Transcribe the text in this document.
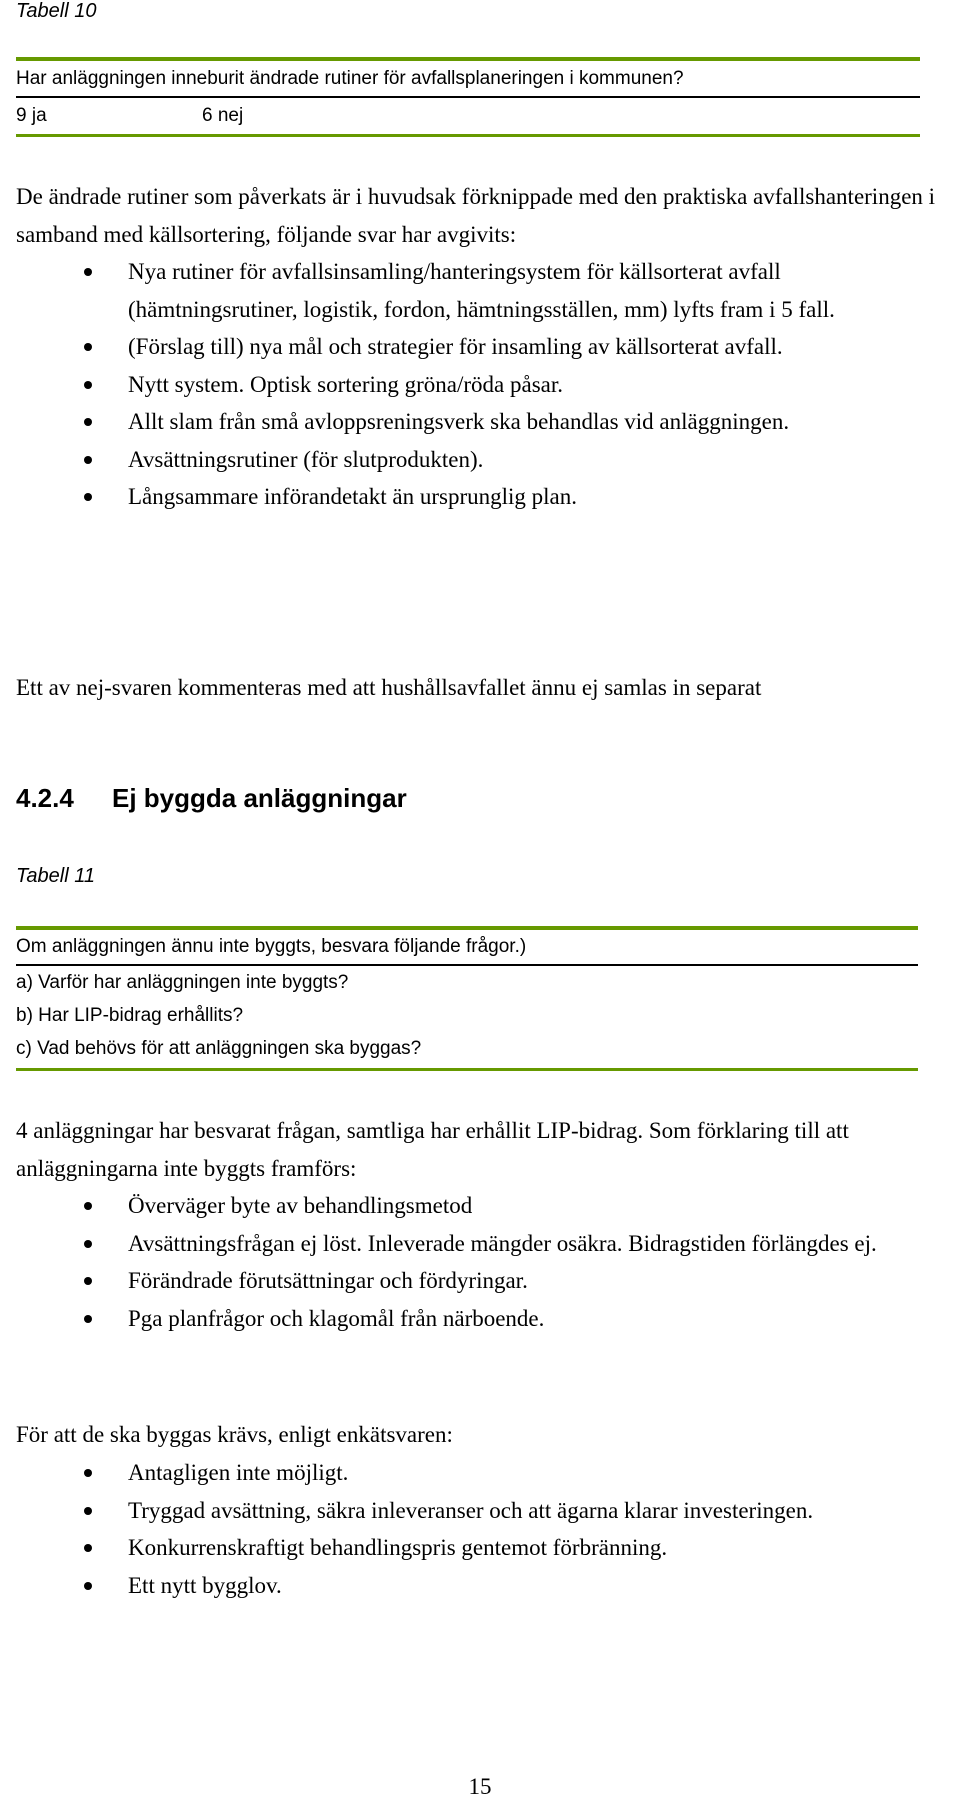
Tabell 10
Har anläggningen inneburit ändrade rutiner för avfallsplaneringen i kommunen?
9 ja	6 nej
De ändrade rutiner som påverkats är i huvudsak förknippade med den praktiska avfallshanteringen i samband med källsortering, följande svar har avgivits:
Nya rutiner för avfallsinsamling/hanteringsystem för källsorterat avfall (hämtningsrutiner, logistik, fordon, hämtningsställen, mm) lyfts fram i 5 fall.
(Förslag till) nya mål och strategier för insamling av källsorterat avfall.
Nytt system. Optisk sortering gröna/röda påsar.
Allt slam från små avloppsreningsverk ska behandlas vid anläggningen.
Avsättningsrutiner (för slutprodukten).
Långsammare införandetakt än ursprunglig plan.
Ett av nej-svaren kommenteras med att hushållsavfallet ännu ej samlas in separat
4.2.4 Ej byggda anläggningar
Tabell 11
Om anläggningen ännu inte byggts, besvara följande frågor.)
a) Varför har anläggningen inte byggts?
b) Har LIP-bidrag erhållits?
c) Vad behövs för att anläggningen ska byggas?
4 anläggningar har besvarat frågan, samtliga har erhållit LIP-bidrag. Som förklaring till att anläggningarna inte byggts framförs:
Överväger byte av behandlingsmetod
Avsättningsfrågan ej löst. Inleverade mängder osäkra. Bidragstiden förlängdes ej.
Förändrade förutsättningar och fördyringar.
Pga planfrågor och klagomål från närboende.
För att de ska byggas krävs, enligt enkätsvaren:
Antagligen inte möjligt.
Tryggad avsättning, säkra inleveranser och att ägarna klarar investeringen.
Konkurrenskraftigt behandlingspris gentemot förbränning.
Ett nytt bygglov.
15
